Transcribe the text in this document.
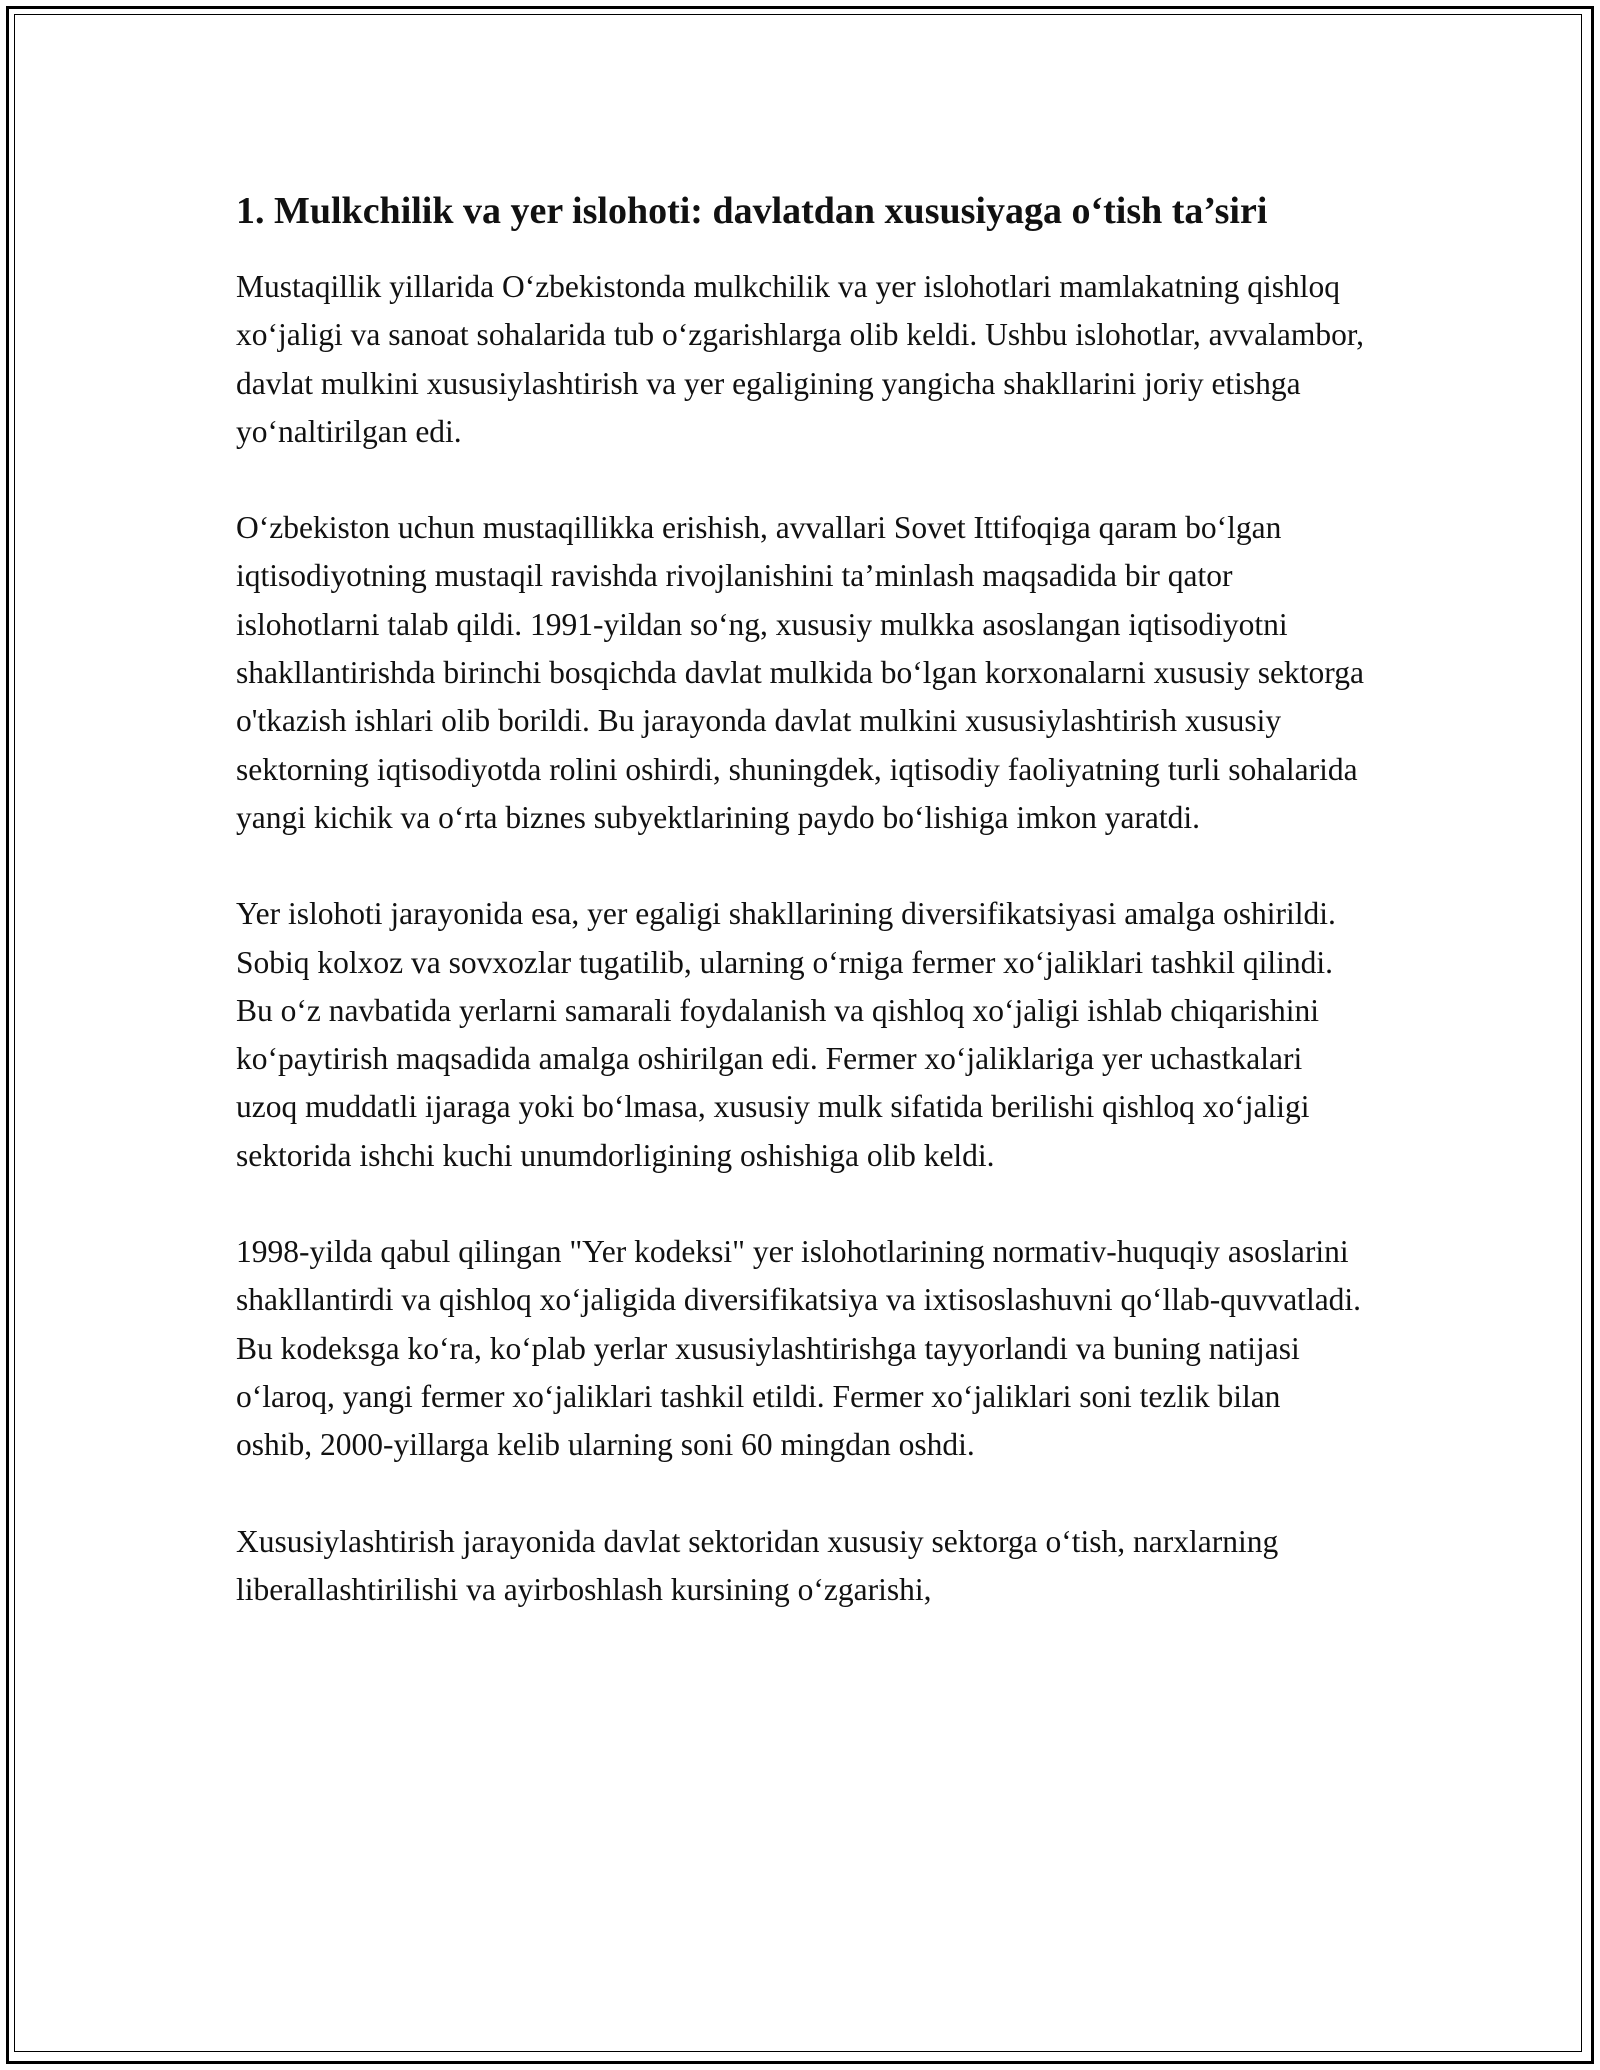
1. Mulkchilik va yer islohoti: davlatdan xususiyaga o‘tish ta’siri

Mustaqillik yillarida O‘zbekistonda mulkchilik va yer islohotlari mamlakatning qishloq xo‘jaligi va sanoat sohalarida tub o‘zgarishlarga olib keldi. Ushbu islohotlar, avvalambor, davlat mulkini xususiylashtirish va yer egaligining yangicha shakllarini joriy etishga yo‘naltirilgan edi.

O‘zbekiston uchun mustaqillikka erishish, avvallari Sovet Ittifoqiga qaram bo‘lgan iqtisodiyotning mustaqil ravishda rivojlanishini ta’minlash maqsadida bir qator islohotlarni talab qildi. 1991-yildan so‘ng, xususiy mulkka asoslangan iqtisodiyotni shakllantirishda birinchi bosqichda davlat mulkida bo‘lgan korxonalarni xususiy sektorga o'tkazish ishlari olib borildi. Bu jarayonda davlat mulkini xususiylashtirish xususiy sektorning iqtisodiyotda rolini oshirdi, shuningdek, iqtisodiy faoliyatning turli sohalarida yangi kichik va o‘rta biznes subyektlarining paydo bo‘lishiga imkon yaratdi.

Yer islohoti jarayonida esa, yer egaligi shakllarining diversifikatsiyasi amalga oshirildi. Sobiq kolxoz va sovxozlar tugatilib, ularning o‘rniga fermer xo‘jaliklari tashkil qilindi. Bu o‘z navbatida yerlarni samarali foydalanish va qishloq xo‘jaligi ishlab chiqarishini ko‘paytirish maqsadida amalga oshirilgan edi. Fermer xo‘jaliklariga yer uchastkalari uzoq muddatli ijaraga yoki bo‘lmasa, xususiy mulk sifatida berilishi qishloq xo‘jaligi sektorida ishchi kuchi unumdorligining oshishiga olib keldi.

1998-yilda qabul qilingan "Yer kodeksi" yer islohotlarining normativ-huquqiy asoslarini shakllantirdi va qishloq xo‘jaligida diversifikatsiya va ixtisoslashuvni qo‘llab-quvvatladi. Bu kodeksga ko‘ra, ko‘plab yerlar xususiylashtirishga tayyorlandi va buning natijasi o‘laroq, yangi fermer xo‘jaliklari tashkil etildi. Fermer xo‘jaliklari soni tezlik bilan oshib, 2000-yillarga kelib ularning soni 60 mingdan oshdi.

Xususiylashtirish jarayonida davlat sektoridan xususiy sektorga o‘tish, narxlarning liberallashtirilishi va ayirboshlash kursining o‘zgarishi,
